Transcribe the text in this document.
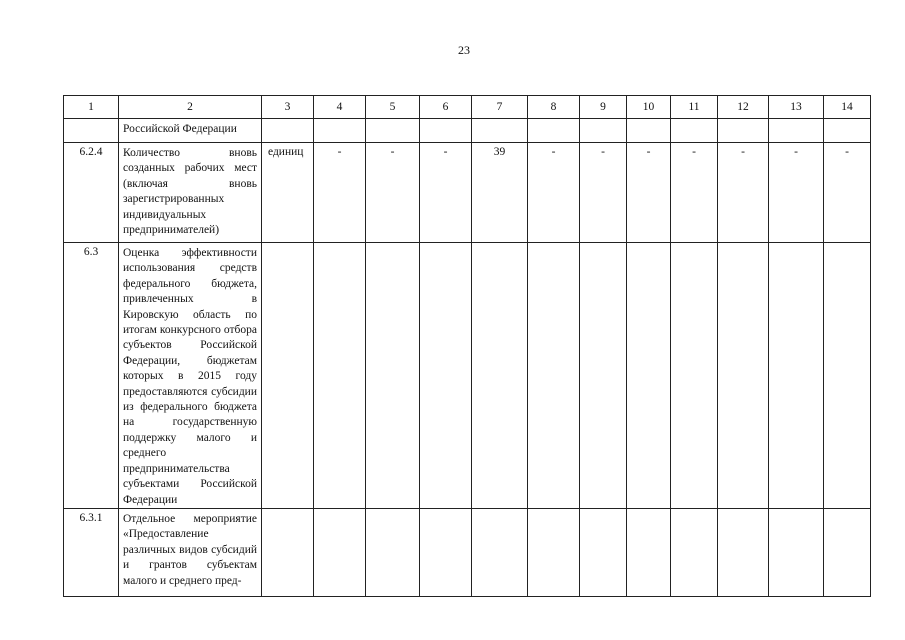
23
1	2	3	4	5	6	7	8	9	10	11	12	13	14
	Российской Федерации												
6.2.4	Количество вновь созданных рабочих мест (включая вновь зарегистрированных индивидуальных предпринимателей)	единиц	-	-	-	39	-	-	-	-	-	-	-
6.3	Оценка эффективности использования средств федерального бюджета, привлеченных в Кировскую область по итогам конкурсного отбора субъектов Российской Федерации, бюджетам которых в 2015 году предоставляются субсидии из федерального бюджета на государственную поддержку малого и среднего предпринимательства субъектами Российской Федерации												
6.3.1	Отдельное мероприятие «Предоставление различных видов субсидий и грантов субъектам малого и среднего пред-												
